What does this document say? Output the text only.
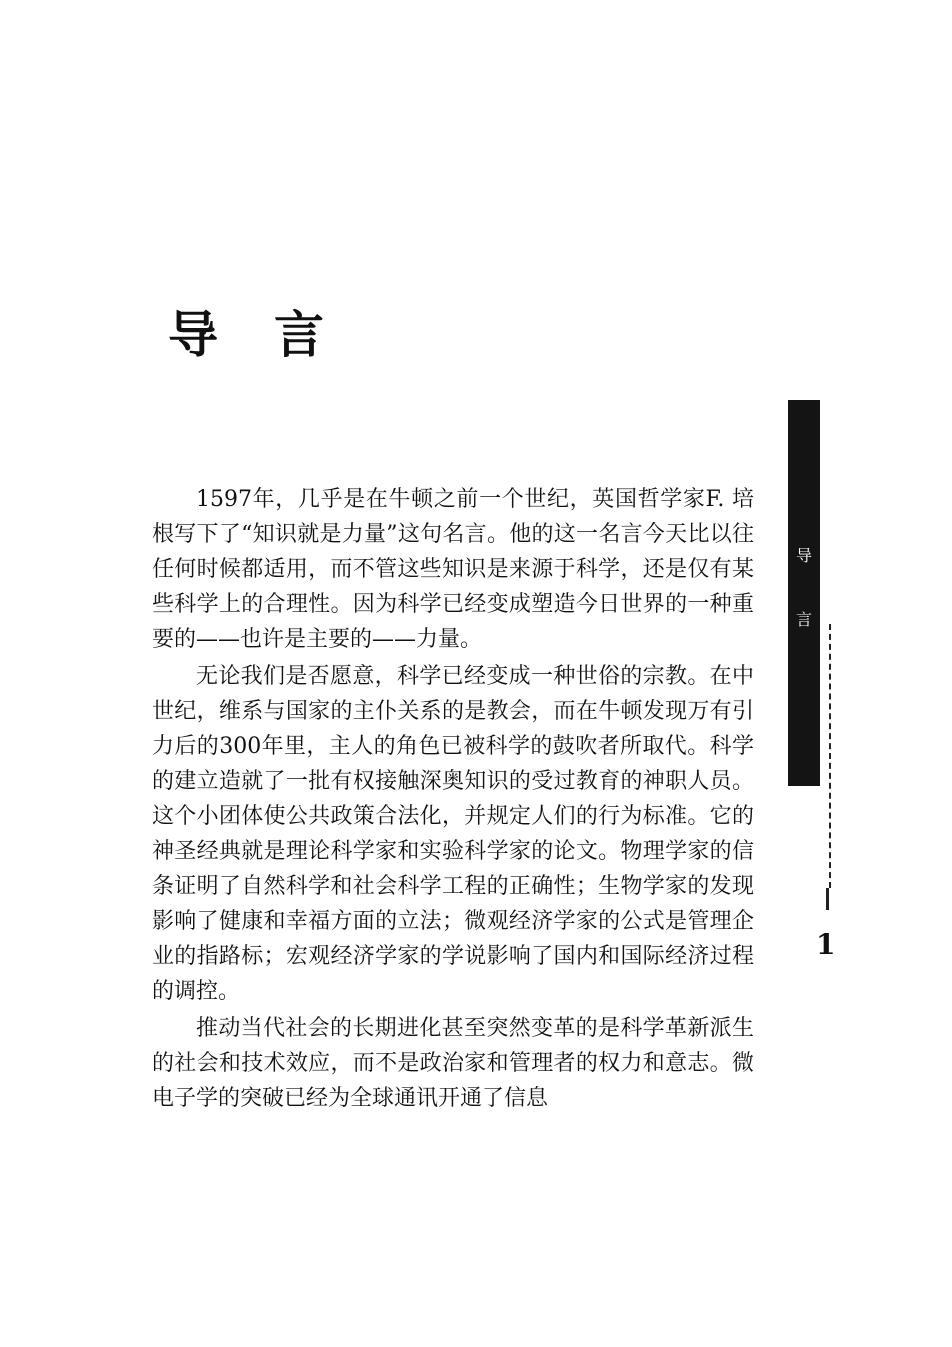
导言

1597年，几乎是在牛顿之前一个世纪，英国哲学家F. 培根写下了“知识就是力量”这句名言。他的这一名言今天比以往任何时候都适用，而不管这些知识是来源于科学，还是仅有某些科学上的合理性。因为科学已经变成塑造今日世界的一种重要的——也许是主要的——力量。

无论我们是否愿意，科学已经变成一种世俗的宗教。在中世纪，维系与国家的主仆关系的是教会，而在牛顿发现万有引力后的300年里，主人的角色已被科学的鼓吹者所取代。科学的建立造就了一批有权接触深奥知识的受过教育的神职人员。这个小团体使公共政策合法化，并规定人们的行为标准。它的神圣经典就是理论科学家和实验科学家的论文。物理学家的信条证明了自然科学和社会科学工程的正确性；生物学家的发现影响了健康和幸福方面的立法；微观经济学家的公式是管理企业的指路标；宏观经济学家的学说影响了国内和国际经济过程的调控。

推动当代社会的长期进化甚至突然变革的是科学革新派生的社会和技术效应，而不是政治家和管理者的权力和意志。微电子学的突破已经为全球通讯开通了信息

导
言
1
